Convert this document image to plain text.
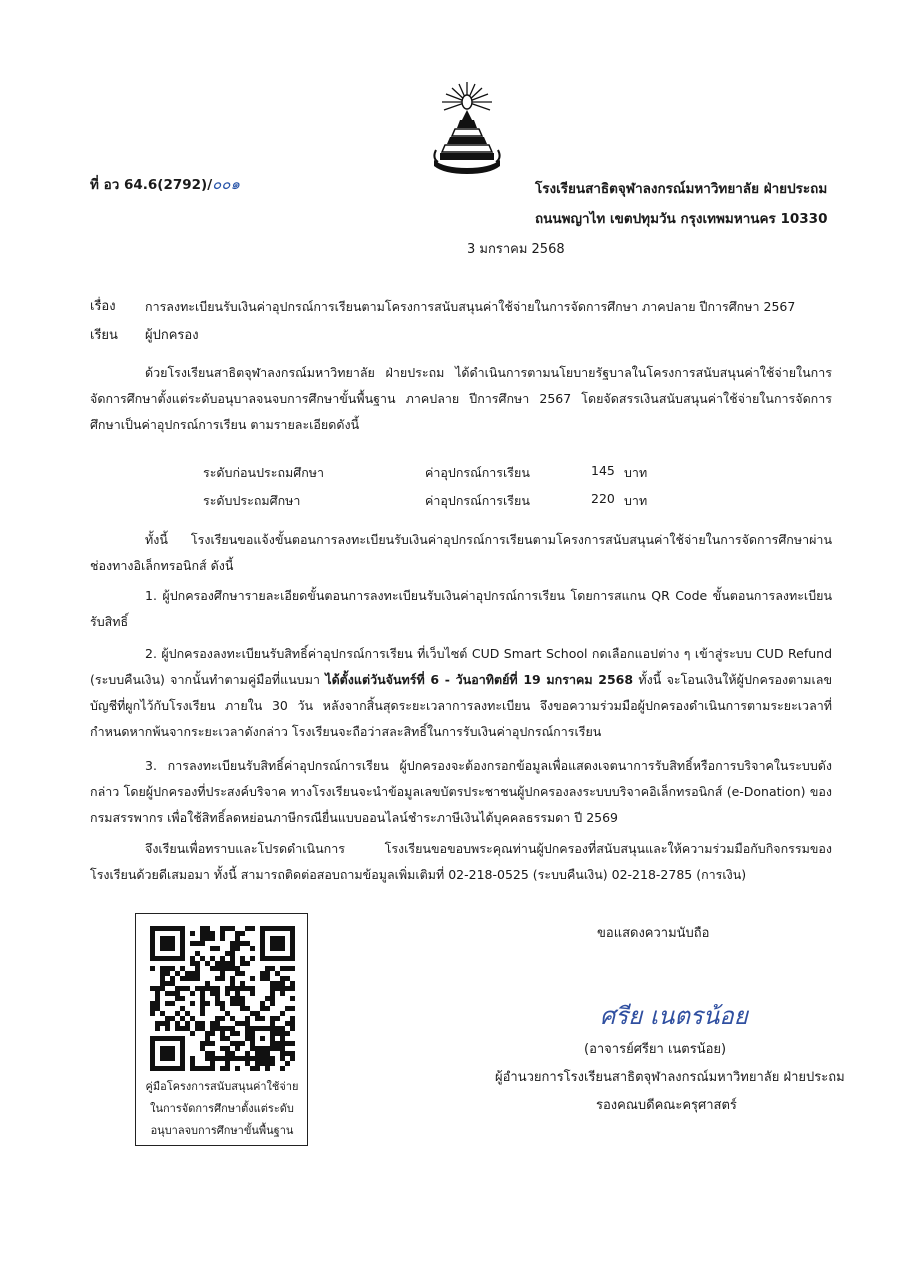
ที่ อว 64.6(2792)/๐๐๑	โรงเรียนสาธิตจุฬาลงกรณ์มหาวิทยาลัย ฝ่ายประถม
ถนนพญาไท เขตปทุมวัน กรุงเทพมหานคร 10330
3 มกราคม 2568
เรื่อง การลงทะเบียนรับเงินค่าอุปกรณ์การเรียนตามโครงการสนับสนุนค่าใช้จ่ายในการจัดการศึกษา ภาคปลาย ปีการศึกษา 2567
เรียน ผู้ปกครอง
ด้วยโรงเรียนสาธิตจุฬาลงกรณ์มหาวิทยาลัย ฝ่ายประถม ได้ดำเนินการตามนโยบายรัฐบาลในโครงการสนับสนุนค่าใช้จ่ายในการจัดการศึกษาตั้งแต่ระดับอนุบาลจนจบการศึกษาขั้นพื้นฐาน ภาคปลาย ปีการศึกษา 2567 โดยจัดสรรเงินสนับสนุนค่าใช้จ่ายในการจัดการศึกษาเป็นค่าอุปกรณ์การเรียน ตามรายละเอียดดังนี้
ระดับก่อนประถมศึกษา	ค่าอุปกรณ์การเรียน	145 บาท
ระดับประถมศึกษา	ค่าอุปกรณ์การเรียน	220 บาท
ทั้งนี้ โรงเรียนขอแจ้งขั้นตอนการลงทะเบียนรับเงินค่าอุปกรณ์การเรียนตามโครงการสนับสนุนค่าใช้จ่ายในการจัดการศึกษาผ่านช่องทางอิเล็กทรอนิกส์ ดังนี้
1. ผู้ปกครองศึกษารายละเอียดขั้นตอนการลงทะเบียนรับเงินค่าอุปกรณ์การเรียน โดยการสแกน QR Code ขั้นตอนการลงทะเบียนรับสิทธิ์
2. ผู้ปกครองลงทะเบียนรับสิทธิ์ค่าอุปกรณ์การเรียน ที่เว็บไซต์ CUD Smart School กดเลือกแอปต่าง ๆ เข้าสู่ระบบ CUD Refund (ระบบคืนเงิน) จากนั้นทำตามคู่มือที่แนบมา ได้ตั้งแต่วันจันทร์ที่ 6 - วันอาทิตย์ที่ 19 มกราคม 2568 ทั้งนี้ จะโอนเงินให้ผู้ปกครองตามเลขบัญชีที่ผูกไว้กับโรงเรียน ภายใน 30 วัน หลังจากสิ้นสุดระยะเวลาการลงทะเบียน จึงขอความร่วมมือผู้ปกครองดำเนินการตามระยะเวลาที่กำหนดหากพ้นจากระยะเวลาดังกล่าว โรงเรียนจะถือว่าสละสิทธิ์ในการรับเงินค่าอุปกรณ์การเรียน
3. การลงทะเบียนรับสิทธิ์ค่าอุปกรณ์การเรียน ผู้ปกครองจะต้องกรอกข้อมูลเพื่อแสดงเจตนาการรับสิทธิ์หรือการบริจาคในระบบดังกล่าว โดยผู้ปกครองที่ประสงค์บริจาค ทางโรงเรียนจะนำข้อมูลเลขบัตรประชาชนผู้ปกครองลงระบบบริจาคอิเล็กทรอนิกส์ (e-Donation) ของกรมสรรพากร เพื่อใช้สิทธิ์ลดหย่อนภาษีกรณียื่นแบบออนไลน์ชำระภาษีเงินได้บุคคลธรรมดา ปี 2569
จึงเรียนเพื่อทราบและโปรดดำเนินการ โรงเรียนขอขอบพระคุณท่านผู้ปกครองที่สนับสนุนและให้ความร่วมมือกับกิจกรรมของโรงเรียนด้วยดีเสมอมา ทั้งนี้ สามารถติดต่อสอบถามข้อมูลเพิ่มเติมที่ 02-218-0525 (ระบบคืนเงิน) 02-218-2785 (การเงิน)
คู่มือโครงการสนับสนุนค่าใช้จ่ายในการจัดการศึกษาตั้งแต่ระดับอนุบาลจบการศึกษาขั้นพื้นฐาน
ขอแสดงความนับถือ
ศรีย เนตรน้อย
(อาจารย์ศรียา เนตรน้อย)
ผู้อำนวยการโรงเรียนสาธิตจุฬาลงกรณ์มหาวิทยาลัย ฝ่ายประถม
รองคณบดีคณะครุศาสตร์
